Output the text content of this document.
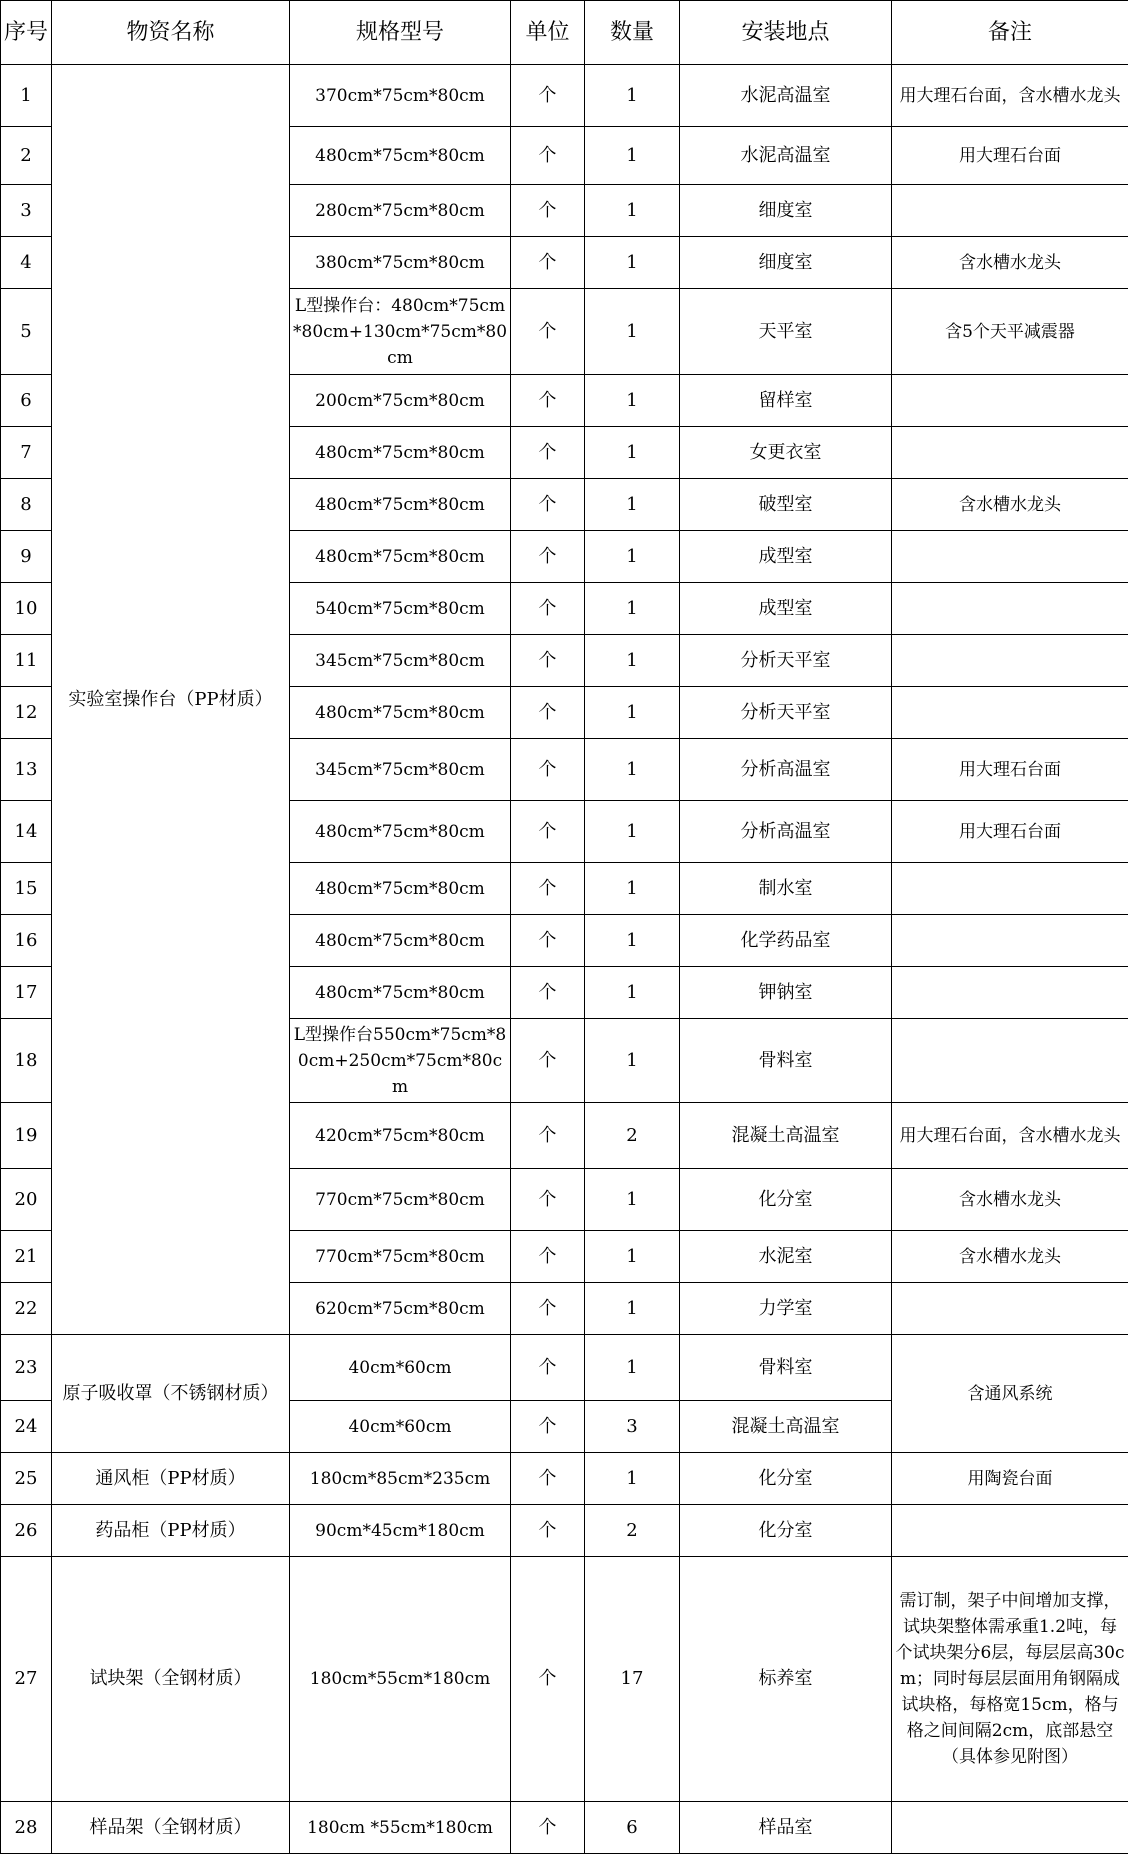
序号	物资名称	规格型号	单位	数量	安装地点	备注
1	实验室操作台（PP材质）	370cm*75cm*80cm	个	1	水泥高温室	用大理石台面，含水槽水龙头
2		480cm*75cm*80cm	个	1	水泥高温室	用大理石台面
3		280cm*75cm*80cm	个	1	细度室	
4		380cm*75cm*80cm	个	1	细度室	含水槽水龙头
5		L型操作台：480cm*75cm*80cm+130cm*75cm*80cm	个	1	天平室	含5个天平减震器
6		200cm*75cm*80cm	个	1	留样室	
7		480cm*75cm*80cm	个	1	女更衣室	
8		480cm*75cm*80cm	个	1	破型室	含水槽水龙头
9		480cm*75cm*80cm	个	1	成型室	
10		540cm*75cm*80cm	个	1	成型室	
11		345cm*75cm*80cm	个	1	分析天平室	
12		480cm*75cm*80cm	个	1	分析天平室	
13		345cm*75cm*80cm	个	1	分析高温室	用大理石台面
14		480cm*75cm*80cm	个	1	分析高温室	用大理石台面
15		480cm*75cm*80cm	个	1	制水室	
16		480cm*75cm*80cm	个	1	化学药品室	
17		480cm*75cm*80cm	个	1	钾钠室	
18		L型操作台550cm*75cm*80cm+250cm*75cm*80cm	个	1	骨料室	
19		420cm*75cm*80cm	个	2	混凝土高温室	用大理石台面，含水槽水龙头
20		770cm*75cm*80cm	个	1	化分室	含水槽水龙头
21		770cm*75cm*80cm	个	1	水泥室	含水槽水龙头
22		620cm*75cm*80cm	个	1	力学室	
23	原子吸收罩（不锈钢材质）	40cm*60cm	个	1	骨料室	含通风系统
24		40cm*60cm	个	3	混凝土高温室	
25	通风柜（PP材质）	180cm*85cm*235cm	个	1	化分室	用陶瓷台面
26	药品柜（PP材质）	90cm*45cm*180cm	个	2	化分室	
27	试块架（全钢材质）	180cm*55cm*180cm	个	17	标养室	需订制，架子中间增加支撑，试块架整体需承重1.2吨，每个试块架分6层，每层层高30cm；同时每层层面用角钢隔成试块格，每格宽15cm，格与格之间间隔2cm，底部悬空（具体参见附图）
28	样品架（全钢材质）	180cm *55cm*180cm	个	6	样品室	
